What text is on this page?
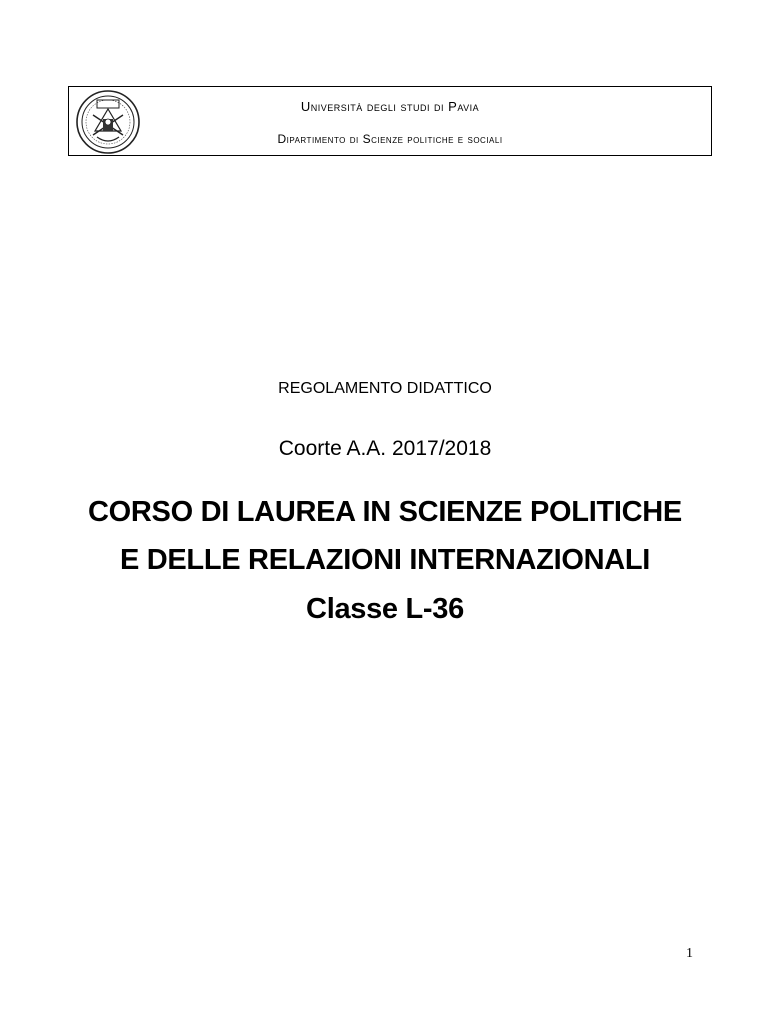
Università degli studi di Pavia
Dipartimento di Scienze politiche e sociali
REGOLAMENTO DIDATTICO
Coorte A.A. 2017/2018
CORSO DI LAUREA IN SCIENZE POLITICHE
E DELLE RELAZIONI INTERNAZIONALI
Classe L-36
1
